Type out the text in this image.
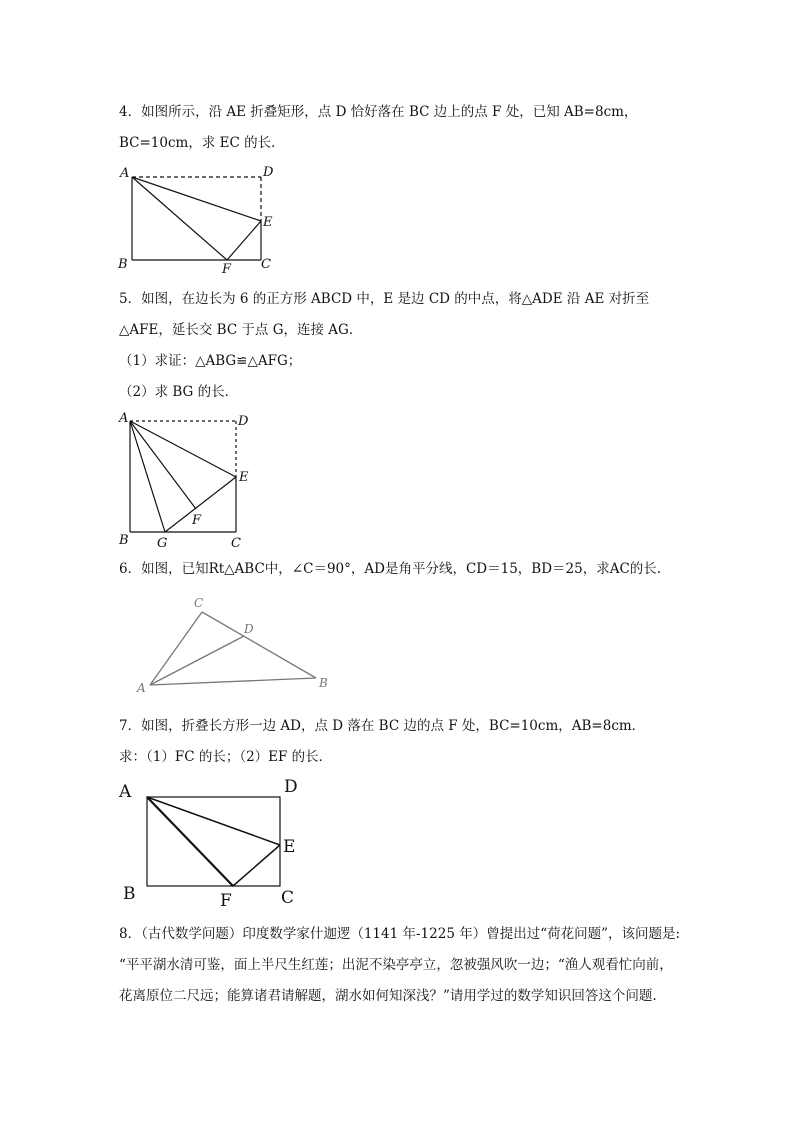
4．如图所示，沿 AE 折叠矩形，点 D 恰好落在 BC 边上的点 F 处，已知 AB=8cm，
BC=10cm，求 EC 的长．
A	D
E
B	F C
5．如图，在边长为 6 的正方形 ABCD 中，E 是边 CD 的中点，将△ADE 沿 AE 对折至
△AFE，延长交 BC 于点 G，连接 AG．
（1）求证：△ABG≌△AFG；
（2）求 BG 的长．
A	D
E
F
B G	C
6．如图，已知Rt△ABC中，∠C＝90°，AD是角平分线，CD＝15，BD＝25，求AC的长.
C
D
A	B
7．如图，折叠长方形一边 AD，点 D 落在 BC 边的点 F 处，BC=10cm，AB=8cm．
求：（1）FC 的长；（2）EF 的长．
A	D
E
B	F	C
8．（古代数学问题）印度数学家什迦逻（1141 年-1225 年）曾提出过“荷花问题”，该问题是:
“平平湖水清可鉴，面上半尺生红莲；出泥不染亭亭立，忽被强风吹一边；“渔人观看忙向前，
花离原位二尺远；能算诸君请解题，湖水如何知深浅？”请用学过的数学知识回答这个问题.
